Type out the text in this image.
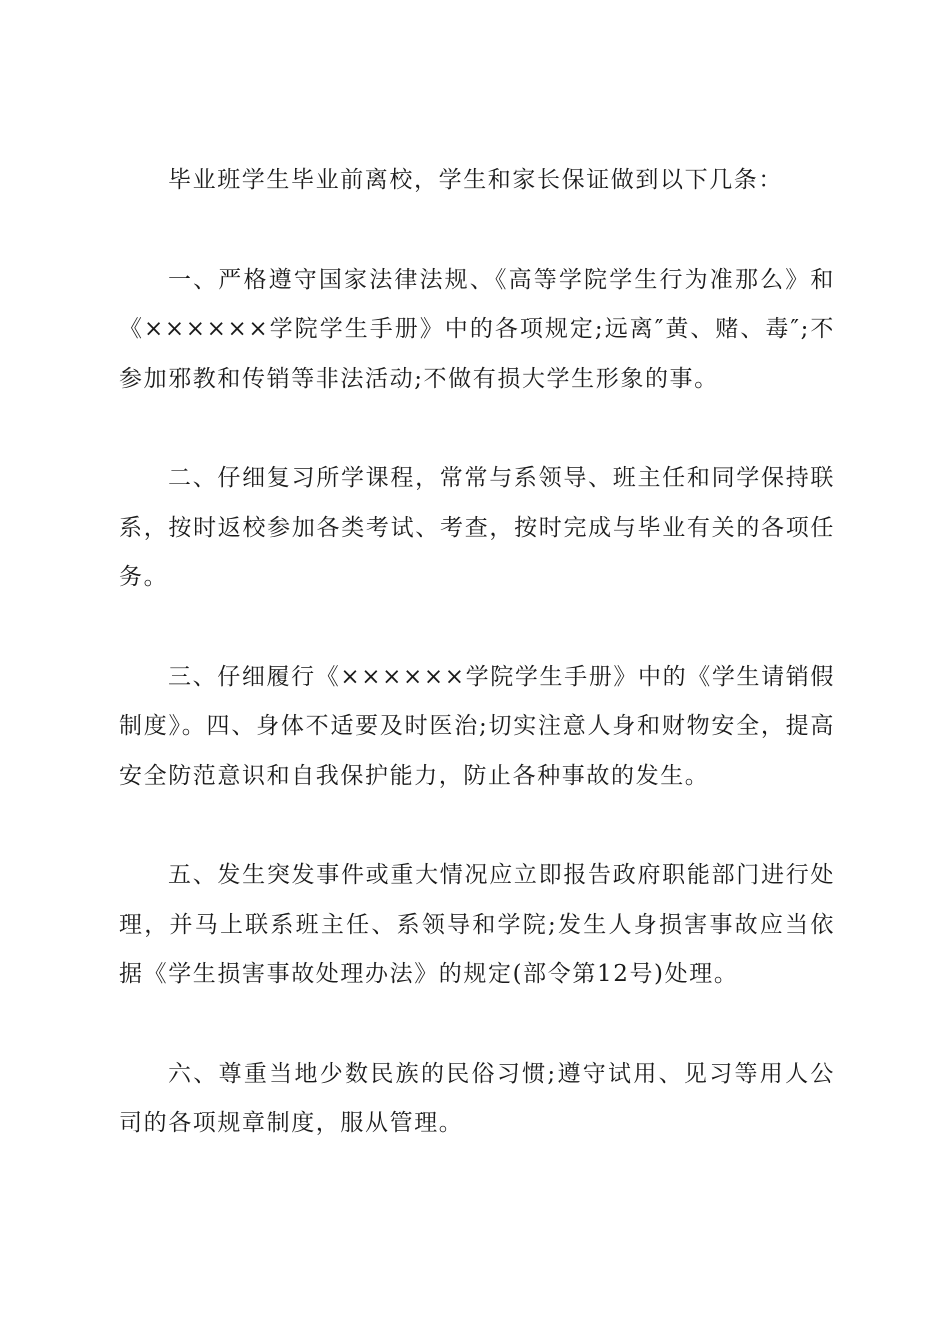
毕业班学生毕业前离校，学生和家长保证做到以下几条：

一、严格遵守国家法律法规、《高等学院学生行为准那么》和《××××××学院学生手册》中的各项规定;远离″黄、赌、毒″;不参加邪教和传销等非法活动;不做有损大学生形象的事。

二、仔细复习所学课程，常常与系领导、班主任和同学保持联系，按时返校参加各类考试、考查，按时完成与毕业有关的各项任务。

三、仔细履行《××××××学院学生手册》中的《学生请销假制度》。四、身体不适要及时医治;切实注意人身和财物安全，提高安全防范意识和自我保护能力，防止各种事故的发生。

五、发生突发事件或重大情况应立即报告政府职能部门进行处理，并马上联系班主任、系领导和学院;发生人身损害事故应当依据《学生损害事故处理办法》的规定(部令第12号)处理。

六、尊重当地少数民族的民俗习惯;遵守试用、见习等用人公司的各项规章制度，服从管理。
